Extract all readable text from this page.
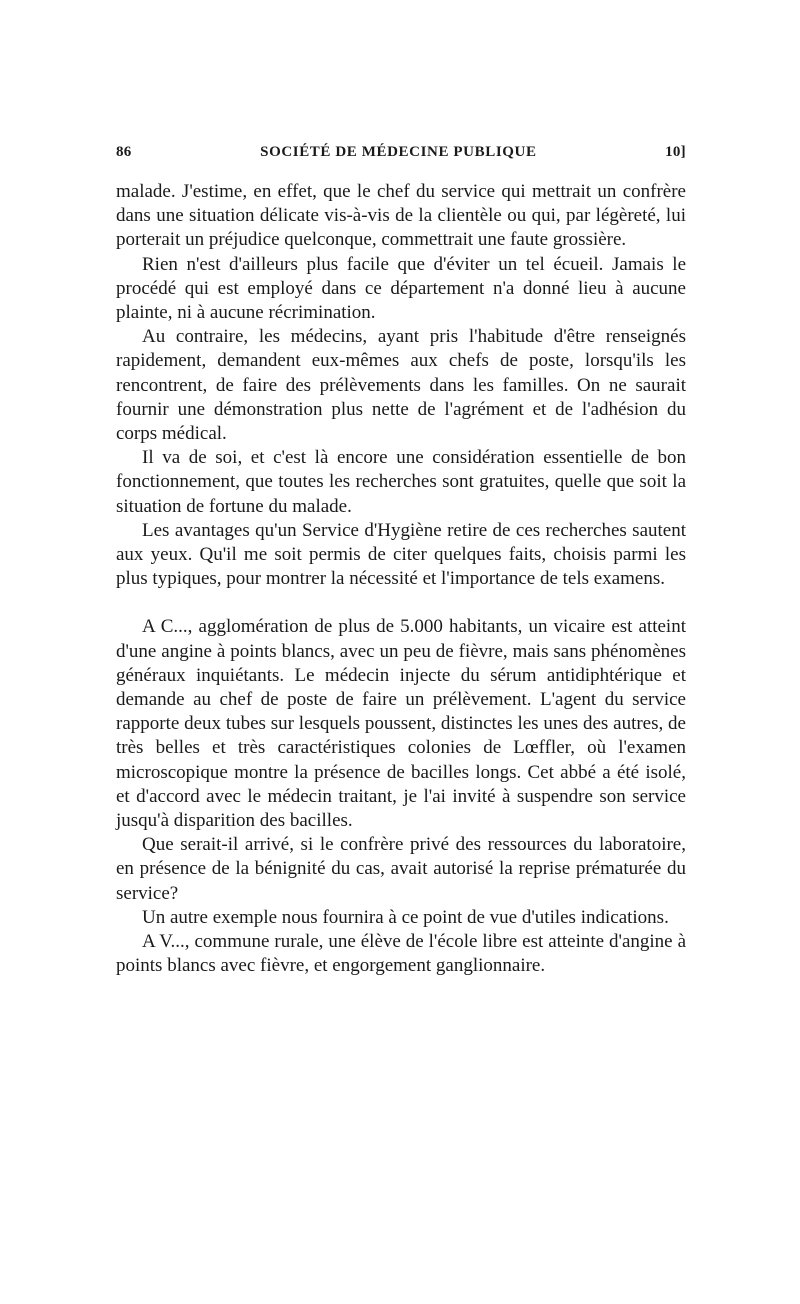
86	SOCIÉTÉ DE MÉDECINE PUBLIQUE	10]

malade. J'estime, en effet, que le chef du service qui mettrait un confrère dans une situation délicate vis-à-vis de la clientèle ou qui, par légèreté, lui porterait un préjudice quelconque, commettrait une faute grossière.

Rien n'est d'ailleurs plus facile que d'éviter un tel écueil. Jamais le procédé qui est employé dans ce département n'a donné lieu à aucune plainte, ni à aucune récrimination.

Au contraire, les médecins, ayant pris l'habitude d'être renseignés rapidement, demandent eux-mêmes aux chefs de poste, lorsqu'ils les rencontrent, de faire des prélèvements dans les familles. On ne saurait fournir une démonstration plus nette de l'agrément et de l'adhésion du corps médical.

Il va de soi, et c'est là encore une considération essentielle de bon fonctionnement, que toutes les recherches sont gratuites, quelle que soit la situation de fortune du malade.

Les avantages qu'un Service d'Hygiène retire de ces recherches sautent aux yeux. Qu'il me soit permis de citer quelques faits, choisis parmi les plus typiques, pour montrer la nécessité et l'importance de tels examens.

A C..., agglomération de plus de 5.000 habitants, un vicaire est atteint d'une angine à points blancs, avec un peu de fièvre, mais sans phénomènes généraux inquiétants. Le médecin injecte du sérum antidiphtérique et demande au chef de poste de faire un prélèvement. L'agent du service rapporte deux tubes sur lesquels poussent, distinctes les unes des autres, de très belles et très caractéristiques colonies de Lœffler, où l'examen microscopique montre la présence de bacilles longs. Cet abbé a été isolé, et d'accord avec le médecin traitant, je l'ai invité à suspendre son service jusqu'à disparition des bacilles.

Que serait-il arrivé, si le confrère privé des ressources du laboratoire, en présence de la bénignité du cas, avait autorisé la reprise prématurée du service?

Un autre exemple nous fournira à ce point de vue d'utiles indications.

A V..., commune rurale, une élève de l'école libre est atteinte d'angine à points blancs avec fièvre, et engorgement ganglionnaire.
